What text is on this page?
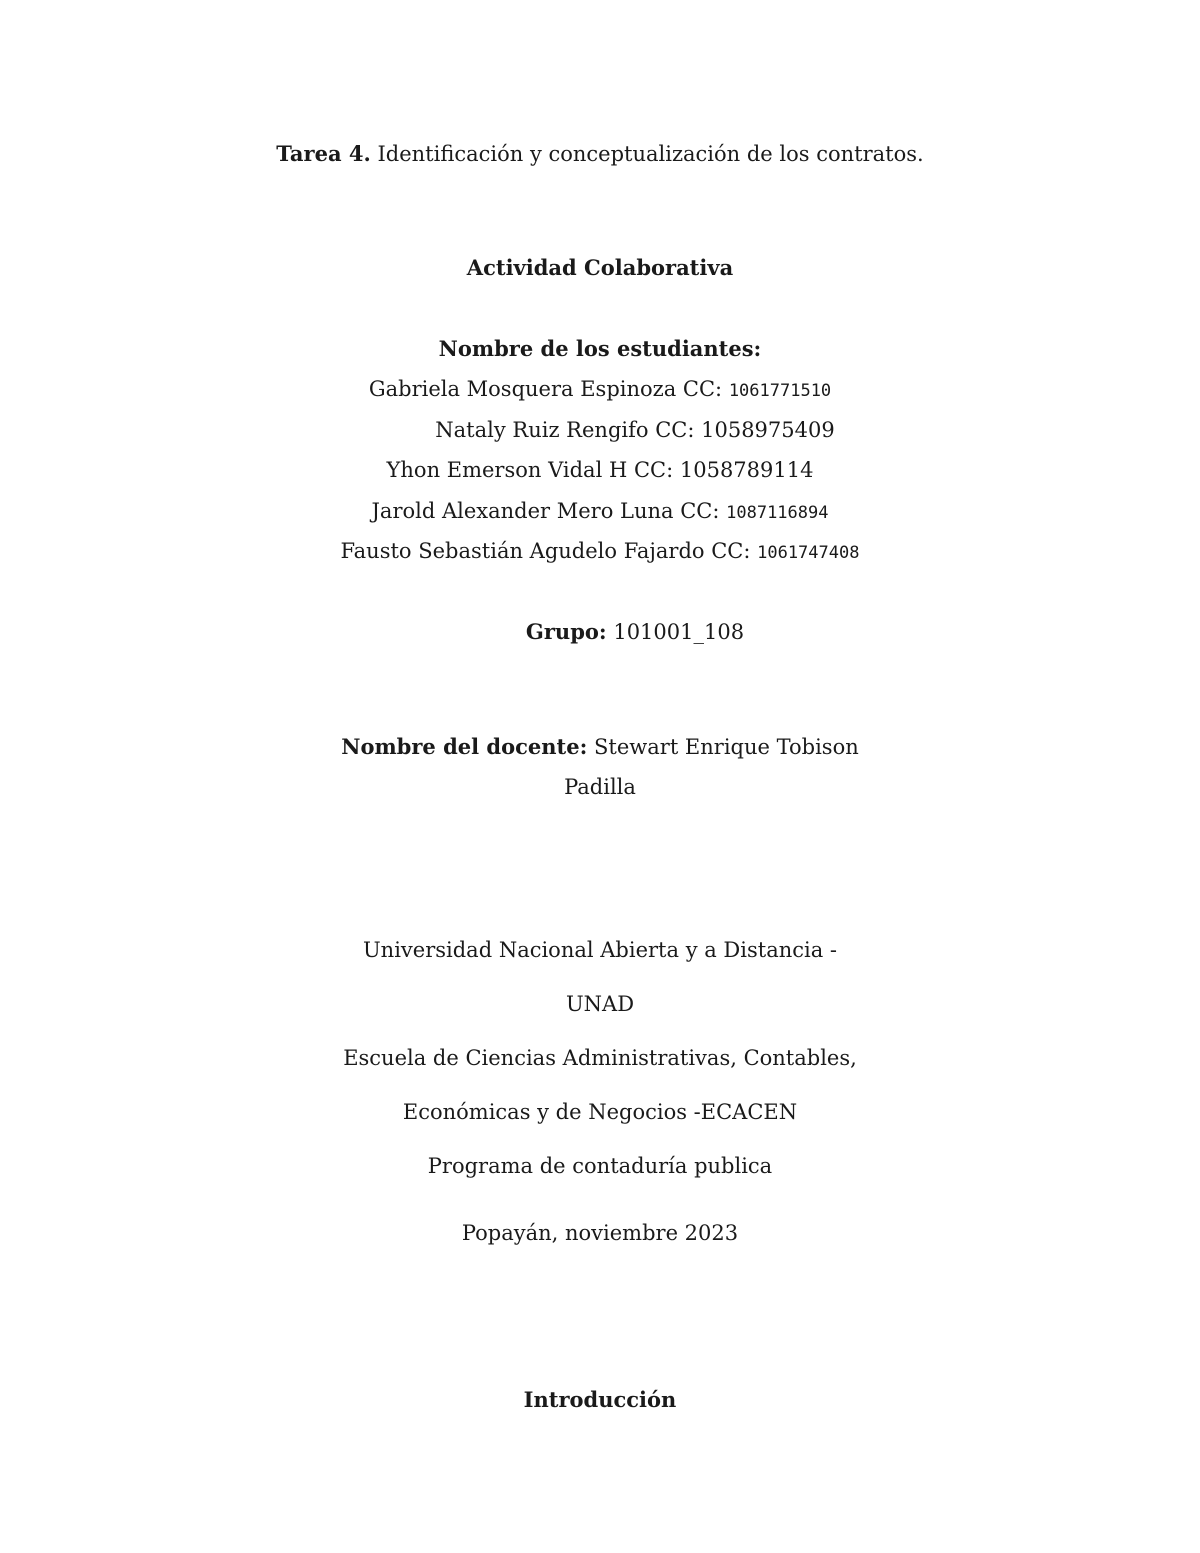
Tarea 4. Identificación y conceptualización de los contratos.
Actividad Colaborativa
Nombre de los estudiantes:
Gabriela Mosquera Espinoza CC: 1061771510
Nataly Ruiz Rengifo CC: 1058975409
Yhon Emerson Vidal H CC: 1058789114
Jarold Alexander Mero Luna CC: 1087116894
Fausto Sebastián Agudelo Fajardo CC: 1061747408
Grupo: 101001_108
Nombre del docente: Stewart Enrique Tobison
Padilla
Universidad Nacional Abierta y a Distancia -
UNAD
Escuela de Ciencias Administrativas, Contables,
Económicas y de Negocios -ECACEN
Programa de contaduría publica
Popayán, noviembre 2023
Introducción
